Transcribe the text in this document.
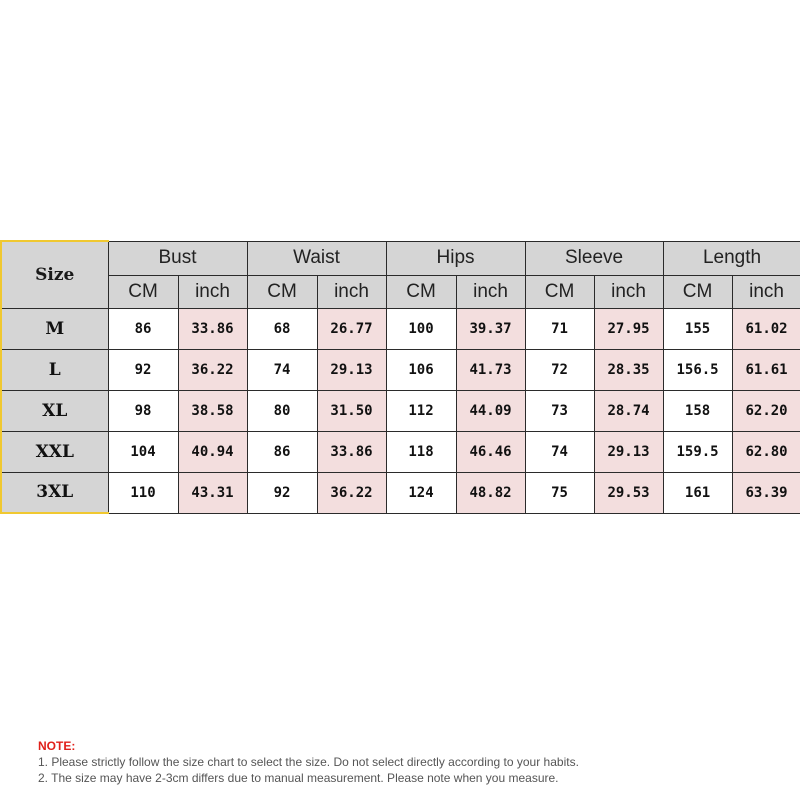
Size	Bust		Waist		Hips		Sleeve		Length	
	CM	inch	CM	inch	CM	inch	CM	inch	CM	inch
M	86	33.86	68	26.77	100	39.37	71	27.95	155	61.02
L	92	36.22	74	29.13	106	41.73	72	28.35	156.5	61.61
XL	98	38.58	80	31.50	112	44.09	73	28.74	158	62.20
XXL	104	40.94	86	33.86	118	46.46	74	29.13	159.5	62.80
3XL	110	43.31	92	36.22	124	48.82	75	29.53	161	63.39
NOTE:
1. Please strictly follow the size chart to select the size. Do not select directly according to your habits.
2. The size may have 2-3cm differs due to manual measurement. Please note when you measure.
